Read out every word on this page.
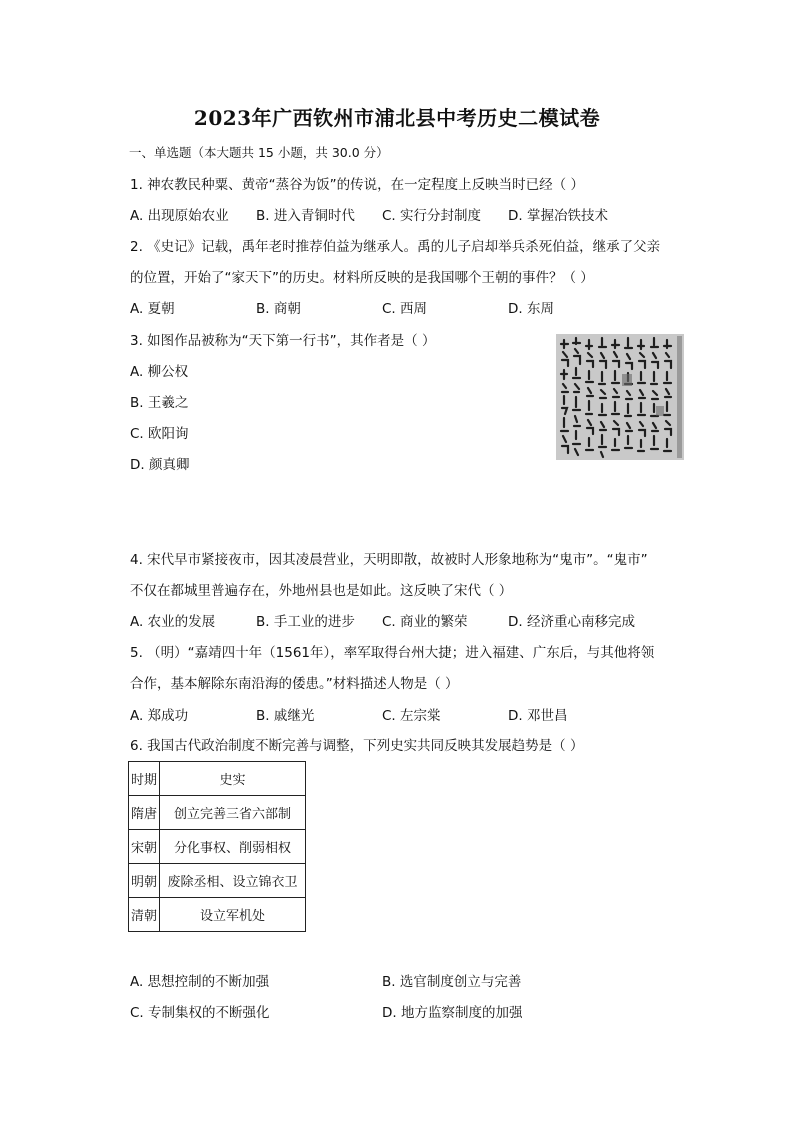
2023年广西钦州市浦北县中考历史二模试卷
一、单选题（本大题共 15 小题，共 30.0 分）
1. 神农教民种粟、黄帝“蒸谷为饭”的传说，在一定程度上反映当时已经（ ）
A. 出现原始农业 B. 进入青铜时代 C. 实行分封制度 D. 掌握冶铁技术
2. 《史记》记载，禹年老时推荐伯益为继承人。禹的儿子启却举兵杀死伯益，继承了父亲
的位置，开始了“家天下”的历史。材料所反映的是我国哪个王朝的事件？（ ）
A. 夏朝	B. 商朝	C. 西周	D. 东周
3. 如图作品被称为“天下第一行书”，其作者是（ ）
A. 柳公权
B. 王羲之
C. 欧阳询
D. 颜真卿
4. 宋代早市紧接夜市，因其凌晨营业，天明即散，故被时人形象地称为“鬼市”。“鬼市”
不仅在都城里普遍存在，外地州县也是如此。这反映了宋代（ ）
A. 农业的发展	B. 手工业的进步 C. 商业的繁荣	D. 经济重心南移完成
5. （明）“嘉靖四十年（1561年），率军取得台州大捷；进入福建、广东后，与其他将领
合作，基本解除东南沿海的倭患。”材料描述人物是（ ）
A. 郑成功	B. 戚继光	C. 左宗棠	D. 邓世昌
6. 我国古代政治制度不断完善与调整，下列史实共同反映其发展趋势是（ ）
时期	史实
隋唐	创立完善三省六部制
宋朝	分化事权、削弱相权
明朝	废除丞相、设立锦衣卫
清朝	设立军机处
A. 思想控制的不断加强	B. 选官制度创立与完善
C. 专制集权的不断强化	D. 地方监察制度的加强
